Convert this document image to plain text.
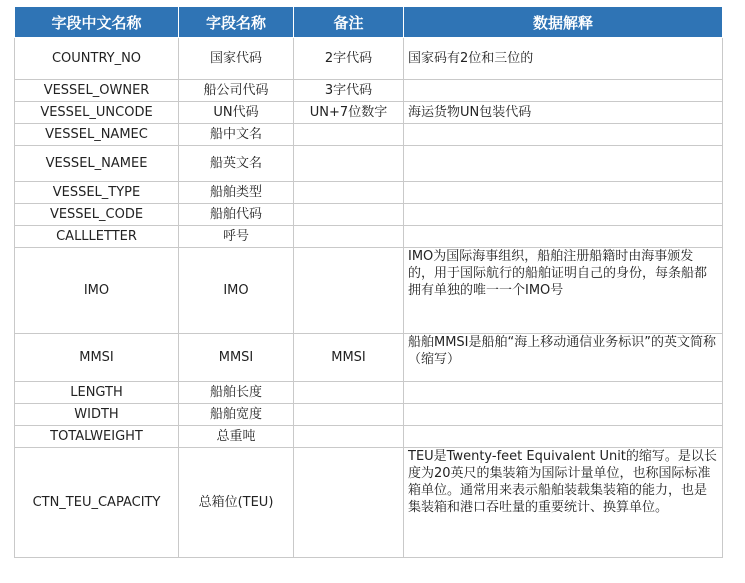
字段中文名称	字段名称	备注	数据解释
COUNTRY_NO	国家代码	2字代码	国家码有2位和三位的
VESSEL_OWNER	船公司代码	3字代码	
VESSEL_UNCODE	UN代码	UN+7位数字	海运货物UN包装代码
VESSEL_NAMEC	船中文名		
VESSEL_NAMEE	船英文名		
VESSEL_TYPE	船舶类型		
VESSEL_CODE	船舶代码		
CALLLETTER	呼号		
IMO	IMO		IMO为国际海事组织，船舶注册船籍时由海事颁发的，用于国际航行的船舶证明自己的身份，每条船都拥有单独的唯一一个IMO号
MMSI	MMSI	MMSI	船舶MMSI是船舶“海上移动通信业务标识”的英文简称（缩写）
LENGTH	船舶长度		
WIDTH	船舶宽度		
TOTALWEIGHT	总重吨		
CTN_TEU_CAPACITY	总箱位(TEU)		TEU是Twenty-feet Equivalent Unit的缩写。是以长度为20英尺的集装箱为国际计量单位，也称国际标准箱单位。通常用来表示船舶装载集装箱的能力，也是集装箱和港口吞吐量的重要统计、换算单位。
